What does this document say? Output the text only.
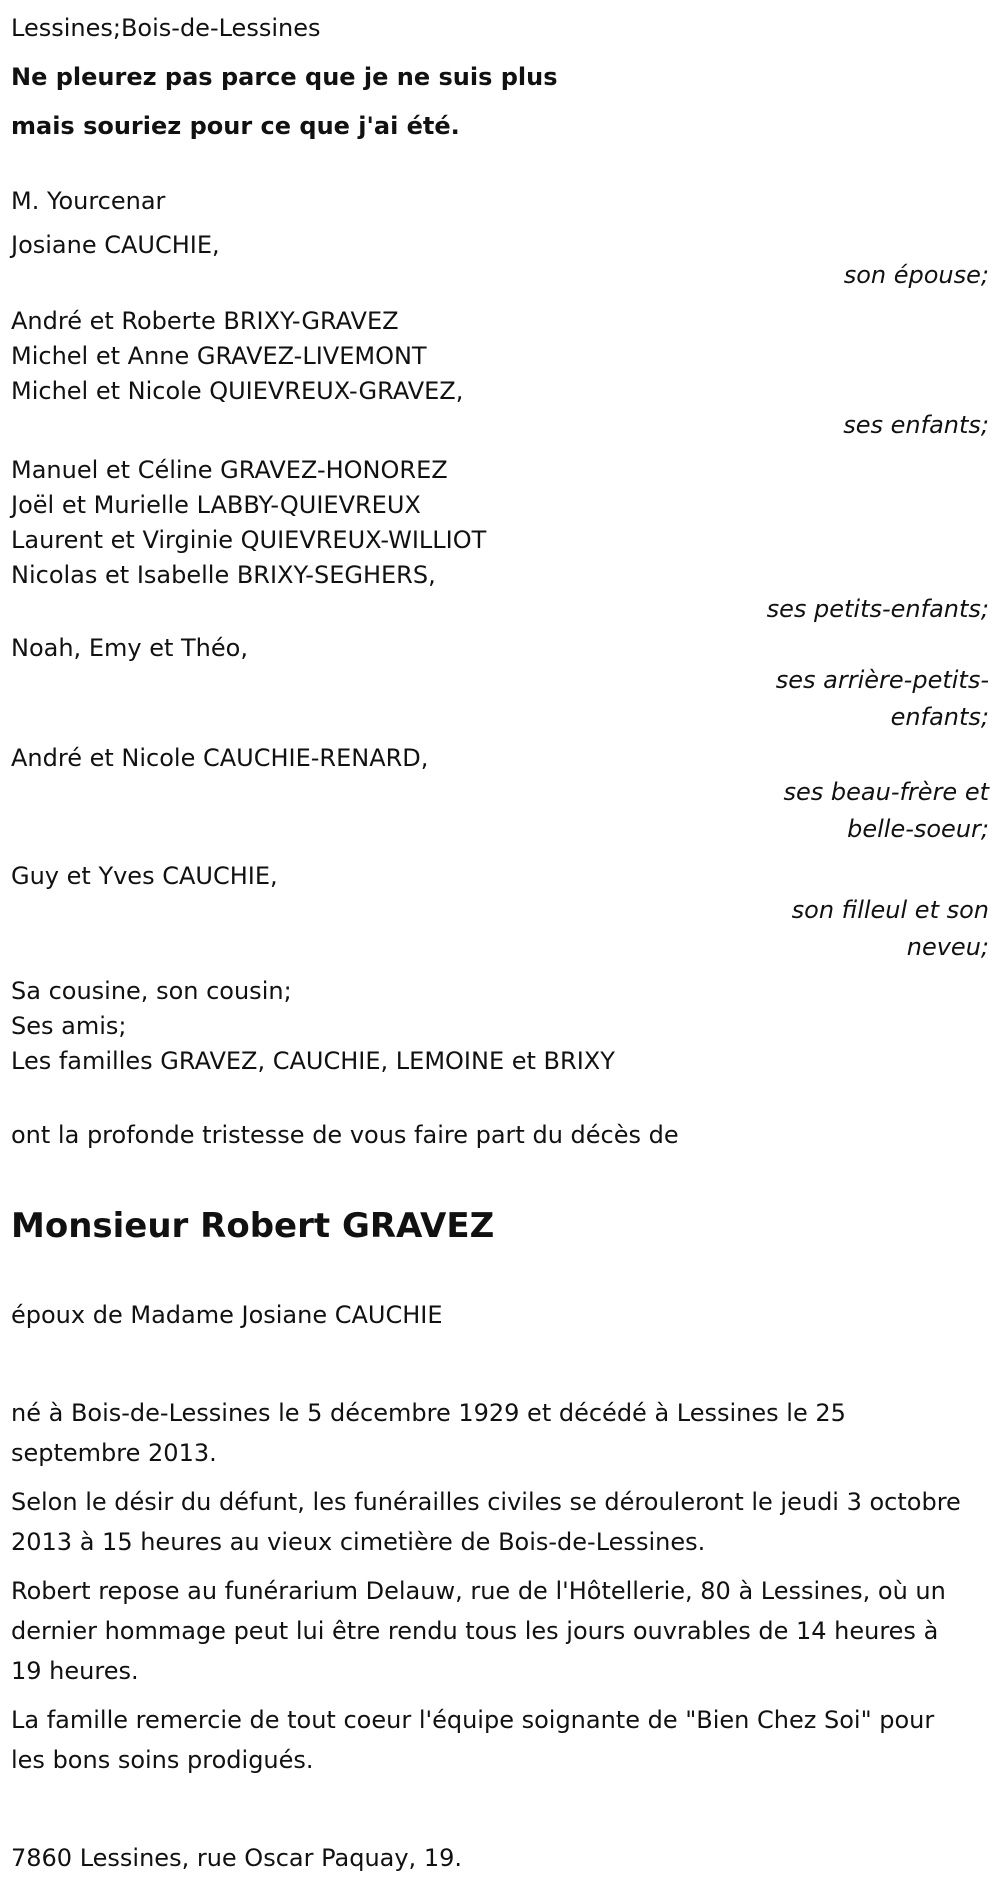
Lessines;Bois-de-Lessines
Ne pleurez pas parce que je ne suis plus
mais souriez pour ce que j'ai été.
M. Yourcenar
Josiane CAUCHIE,
son épouse;
André et Roberte BRIXY-GRAVEZ
Michel et Anne GRAVEZ-LIVEMONT
Michel et Nicole QUIEVREUX-GRAVEZ,
ses enfants;
Manuel et Céline GRAVEZ-HONOREZ
Joël et Murielle LABBY-QUIEVREUX
Laurent et Virginie QUIEVREUX-WILLIOT
Nicolas et Isabelle BRIXY-SEGHERS,
ses petits-enfants;
Noah, Emy et Théo,
ses arrière-petits-
enfants;
André et Nicole CAUCHIE-RENARD,
ses beau-frère et
belle-soeur;
Guy et Yves CAUCHIE,
son filleul et son
neveu;
Sa cousine, son cousin;
Ses amis;
Les familles GRAVEZ, CAUCHIE, LEMOINE et BRIXY
ont la profonde tristesse de vous faire part du décès de
Monsieur Robert GRAVEZ
époux de Madame Josiane CAUCHIE

né à Bois-de-Lessines le 5 décembre 1929 et décédé à Lessines le 25 septembre 2013.

Selon le désir du défunt, les funérailles civiles se dérouleront le jeudi 3 octobre 2013 à 15 heures au vieux cimetière de Bois-de-Lessines.

Robert repose au funérarium Delauw, rue de l'Hôtellerie, 80 à Lessines, où un dernier hommage peut lui être rendu tous les jours ouvrables de 14 heures à 19 heures.

La famille remercie de tout coeur l'équipe soignante de "Bien Chez Soi" pour les bons soins prodigués.

7860 Lessines, rue Oscar Paquay, 19.
